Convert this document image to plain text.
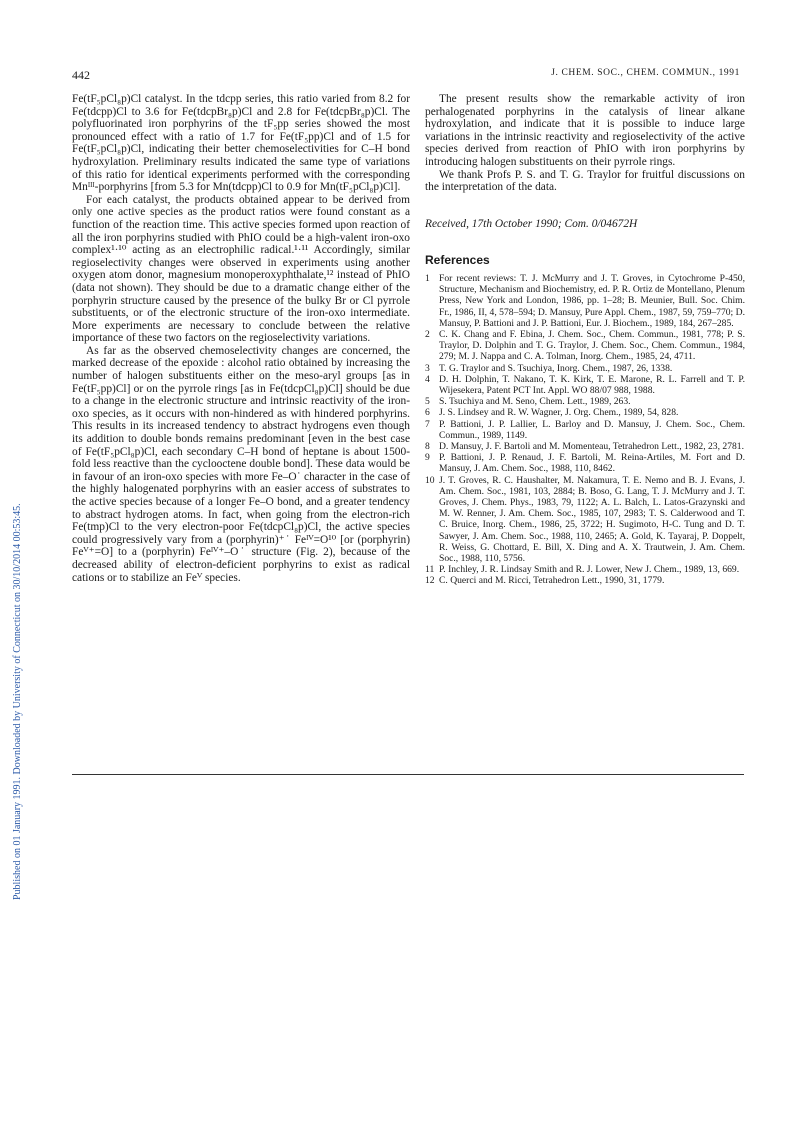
442	J. CHEM. SOC., CHEM. COMMUN., 1991
Published on 01 January 1991. Downloaded by University of Connecticut on 30/10/2014 00:53:45.

Fe(tF₅pCl₈p)Cl catalyst. In the tdcpp series, this ratio varied from 8.2 for Fe(tdcpp)Cl to 3.6 for Fe(tdcpBr₈p)Cl and 2.8 for Fe(tdcpBr₈p)Cl. The polyfluorinated iron porphyrins of the tF₅pp series showed the most pronounced effect with a ratio of 1.7 for Fe(tF₅pp)Cl and of 1.5 for Fe(tF₅pCl₈p)Cl, indicating their better chemoselectivities for C–H bond hydroxylation. Preliminary results indicated the same type of variations of this ratio for identical experiments performed with the corresponding Mnᴵᴵᴵ-porphyrins [from 5.3 for Mn(tdcpp)Cl to 0.9 for Mn(tF₅pCl₈p)Cl].

For each catalyst, the products obtained appear to be derived from only one active species as the product ratios were found constant as a function of the reaction time. This active species formed upon reaction of all the iron porphyrins studied with PhIO could be a high-valent iron-oxo complex¹·¹⁰ acting as an electrophilic radical.¹·¹¹ Accordingly, similar regioselectivity changes were observed in experiments using another oxygen atom donor, magnesium monoperoxyphthalate,¹² instead of PhIO (data not shown). They should be due to a dramatic change either of the porphyrin structure caused by the presence of the bulky Br or Cl pyrrole substituents, or of the electronic structure of the iron-oxo intermediate. More experiments are necessary to conclude between the relative importance of these two factors on the regioselectivity variations.

As far as the observed chemoselectivity changes are concerned, the marked decrease of the epoxide : alcohol ratio obtained by increasing the number of halogen substituents either on the meso-aryl groups [as in Fe(tF₅pp)Cl] or on the pyrrole rings [as in Fe(tdcpCl₈p)Cl] should be due to a change in the electronic structure and intrinsic reactivity of the iron-oxo species, as it occurs with non-hindered as with hindered porphyrins. This results in its increased tendency to abstract hydrogens even though its addition to double bonds remains predominant [even in the best case of Fe(tF₅pCl₈p)Cl, each secondary C–H bond of heptane is about 1500-fold less reactive than the cyclooctene double bond]. These data would be in favour of an iron-oxo species with more Fe–O˙ character in the case of the highly halogenated porphyrins with an easier access of substrates to the active species because of a longer Fe–O bond, and a greater tendency to abstract hydrogen atoms. In fact, when going from the electron-rich Fe(tmp)Cl to the very electron-poor Fe(tdcpCl₈p)Cl, the active species could progressively vary from a (porphyrin)⁺˙ Feᴵⱽ=O¹⁰ [or (porphyrin) Feⱽ⁺=O] to a (porphyrin) Feᴵⱽ⁺–O˙ structure (Fig. 2), because of the decreased ability of electron-deficient porphyrins to exist as radical cations or to stabilize an Feⱽ species.

The present results show the remarkable activity of iron perhalogenated porphyrins in the catalysis of linear alkane hydroxylation, and indicate that it is possible to induce large variations in the intrinsic reactivity and regioselectivity of the active species derived from reaction of PhIO with iron porphyrins by introducing halogen substituents on their pyrrole rings.

We thank Profs P. S. and T. G. Traylor for fruitful discussions on the interpretation of the data.

Received, 17th October 1990; Com. 0/04672H

References
1 For recent reviews: T. J. McMurry and J. T. Groves, in Cytochrome P-450, Structure, Mechanism and Biochemistry, ed. P. R. Ortiz de Montellano, Plenum Press, New York and London, 1986, pp. 1–28; B. Meunier, Bull. Soc. Chim. Fr., 1986, II, 4, 578–594; D. Mansuy, Pure Appl. Chem., 1987, 59, 759–770; D. Mansuy, P. Battioni and J. P. Battioni, Eur. J. Biochem., 1989, 184, 267–285.
2 C. K. Chang and F. Ebina, J. Chem. Soc., Chem. Commun., 1981, 778; P. S. Traylor, D. Dolphin and T. G. Traylor, J. Chem. Soc., Chem. Commun., 1984, 279; M. J. Nappa and C. A. Tolman, Inorg. Chem., 1985, 24, 4711.
3 T. G. Traylor and S. Tsuchiya, Inorg. Chem., 1987, 26, 1338.
4 D. H. Dolphin, T. Nakano, T. K. Kirk, T. E. Marone, R. L. Farrell and T. P. Wijesekera, Patent PCT Int. Appl. WO 88/07 988, 1988.
5 S. Tsuchiya and M. Seno, Chem. Lett., 1989, 263.
6 J. S. Lindsey and R. W. Wagner, J. Org. Chem., 1989, 54, 828.
7 P. Battioni, J. P. Lallier, L. Barloy and D. Mansuy, J. Chem. Soc., Chem. Commun., 1989, 1149.
8 D. Mansuy, J. F. Bartoli and M. Momenteau, Tetrahedron Lett., 1982, 23, 2781.
9 P. Battioni, J. P. Renaud, J. F. Bartoli, M. Reina-Artiles, M. Fort and D. Mansuy, J. Am. Chem. Soc., 1988, 110, 8462.
10 J. T. Groves, R. C. Haushalter, M. Nakamura, T. E. Nemo and B. J. Evans, J. Am. Chem. Soc., 1981, 103, 2884; B. Boso, G. Lang, T. J. McMurry and J. T. Groves, J. Chem. Phys., 1983, 79, 1122; A. L. Balch, L. Latos-Grazynski and M. W. Renner, J. Am. Chem. Soc., 1985, 107, 2983; T. S. Calderwood and T. C. Bruice, Inorg. Chem., 1986, 25, 3722; H. Sugimoto, H-C. Tung and D. T. Sawyer, J. Am. Chem. Soc., 1988, 110, 2465; A. Gold, K. Tayaraj, P. Doppelt, R. Weiss, G. Chottard, E. Bill, X. Ding and A. X. Trautwein, J. Am. Chem. Soc., 1988, 110, 5756.
11 P. Inchley, J. R. Lindsay Smith and R. J. Lower, New J. Chem., 1989, 13, 669.
12 C. Querci and M. Ricci, Tetrahedron Lett., 1990, 31, 1779.
